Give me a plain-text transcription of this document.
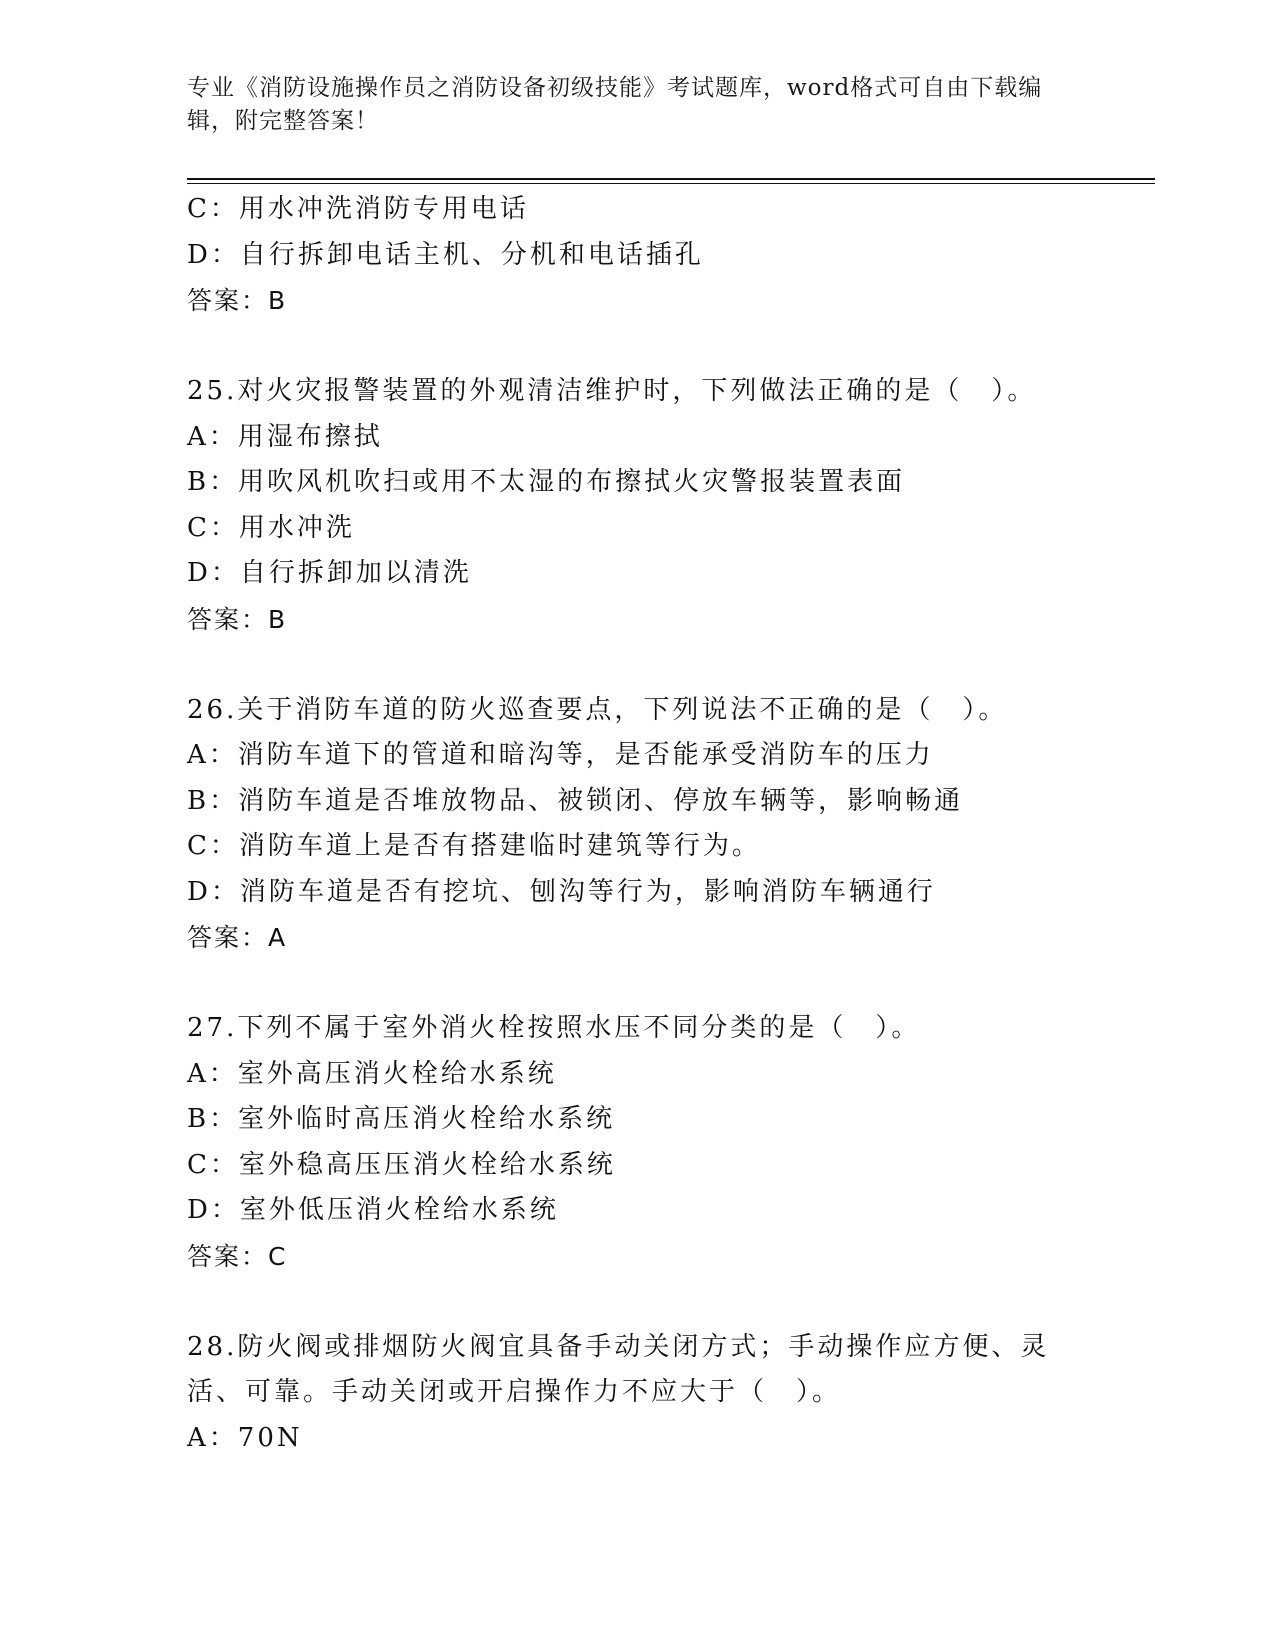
专业《消防设施操作员之消防设备初级技能》考试题库，word格式可自由下载编辑，附完整答案！
C：用水冲洗消防专用电话
D：自行拆卸电话主机、分机和电话插孔
答案：B
25.对火灾报警装置的外观清洁维护时，下列做法正确的是（　）。
A：用湿布擦拭
B：用吹风机吹扫或用不太湿的布擦拭火灾警报装置表面
C：用水冲洗
D：自行拆卸加以清洗
答案：B
26.关于消防车道的防火巡查要点，下列说法不正确的是（　）。
A：消防车道下的管道和暗沟等，是否能承受消防车的压力
B：消防车道是否堆放物品、被锁闭、停放车辆等，影响畅通
C：消防车道上是否有搭建临时建筑等行为。
D：消防车道是否有挖坑、刨沟等行为，影响消防车辆通行
答案：A
27.下列不属于室外消火栓按照水压不同分类的是（　）。
A：室外高压消火栓给水系统
B：室外临时高压消火栓给水系统
C：室外稳高压压消火栓给水系统
D：室外低压消火栓给水系统
答案：C
28.防火阀或排烟防火阀宜具备手动关闭方式；手动操作应方便、灵活、可靠。手动关闭或开启操作力不应大于（　）。
A：70N
